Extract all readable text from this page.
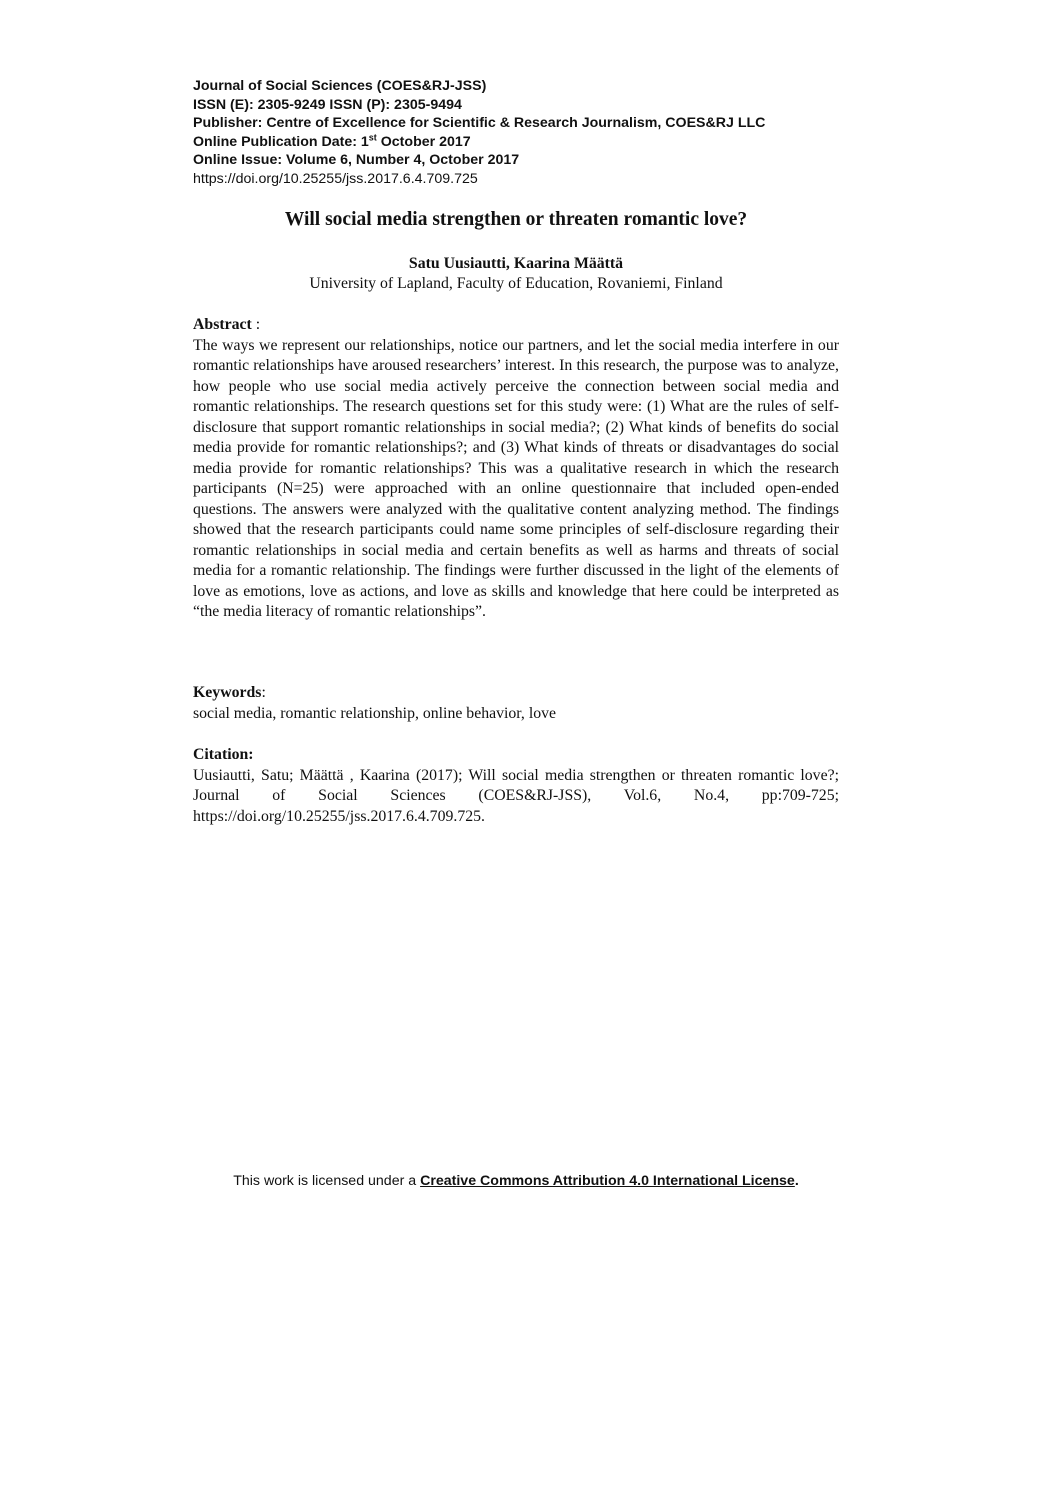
Journal of Social Sciences (COES&RJ-JSS)
ISSN (E): 2305-9249 ISSN (P): 2305-9494
Publisher: Centre of Excellence for Scientific & Research Journalism, COES&RJ LLC
Online Publication Date: 1st October 2017
Online Issue: Volume 6, Number 4, October 2017
https://doi.org/10.25255/jss.2017.6.4.709.725
Will social media strengthen or threaten romantic love?
Satu Uusiautti, Kaarina Määttä
University of Lapland, Faculty of Education, Rovaniemi, Finland
Abstract :

The ways we represent our relationships, notice our partners, and let the social media interfere in our romantic relationships have aroused researchers’ interest. In this research, the purpose was to analyze, how people who use social media actively perceive the connection between social media and romantic relationships. The research questions set for this study were: (1) What are the rules of self-disclosure that support romantic relationships in social media?; (2) What kinds of benefits do social media provide for romantic relationships?; and (3) What kinds of threats or disadvantages do social media provide for romantic relationships? This was a qualitative research in which the research participants (N=25) were approached with an online questionnaire that included open-ended questions. The answers were analyzed with the qualitative content analyzing method. The findings showed that the research participants could name some principles of self-disclosure regarding their romantic relationships in social media and certain benefits as well as harms and threats of social media for a romantic relationship. The findings were further discussed in the light of the elements of love as emotions, love as actions, and love as skills and knowledge that here could be interpreted as “the media literacy of romantic relationships”.

Keywords:

social media, romantic relationship, online behavior, love

Citation:

Uusiautti, Satu; Määttä , Kaarina (2017); Will social media strengthen or threaten romantic love?; Journal of Social Sciences (COES&RJ-JSS), Vol.6, No.4, pp:709-725; https://doi.org/10.25255/jss.2017.6.4.709.725.

This work is licensed under a Creative Commons Attribution 4.0 International License.
